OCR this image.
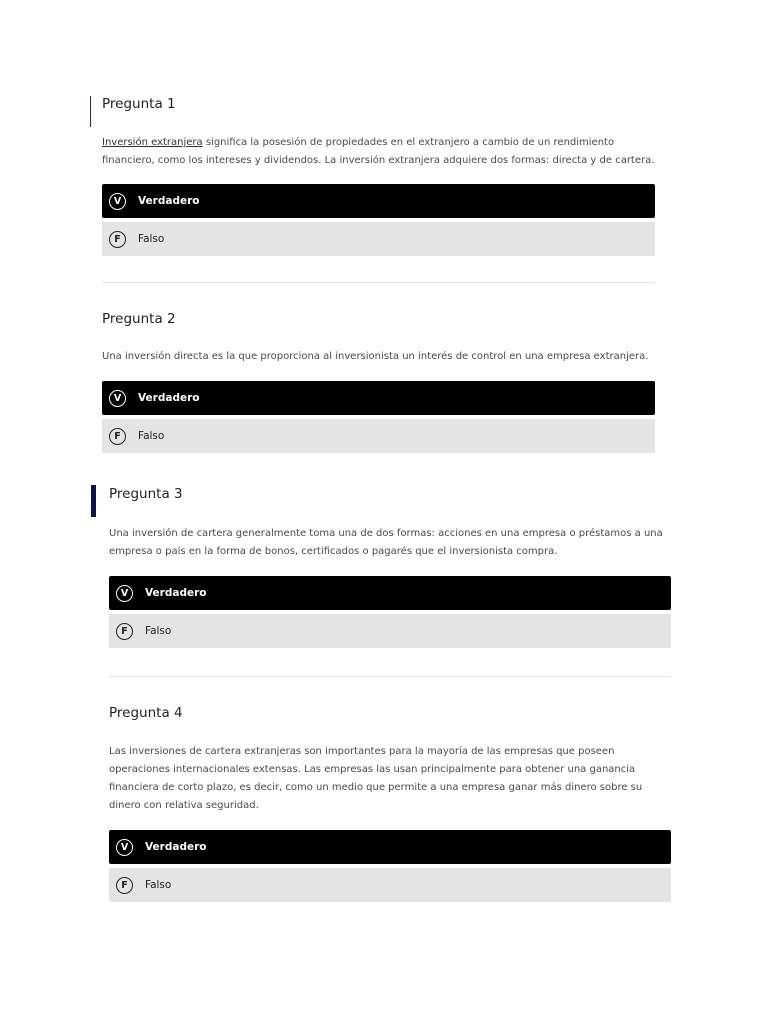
Pregunta 1
Inversión extranjera significa la posesión de propiedades en el extranjero a cambio de un rendimiento financiero, como los intereses y dividendos. La inversión extranjera adquiere dos formas: directa y de cartera.
V	Verdadero
F	Falso
Pregunta 2
Una inversión directa es la que proporciona al inversionista un interés de control en una empresa extranjera.
V	Verdadero
F	Falso
Pregunta 3
Una inversión de cartera generalmente toma una de dos formas: acciones en una empresa o préstamos a una empresa o país en la forma de bonos, certificados o pagarés que el inversionista compra.
V	Verdadero
F	Falso
Pregunta 4
Las inversiones de cartera extranjeras son importantes para la mayoría de las empresas que poseen operaciones internacionales extensas. Las empresas las usan principalmente para obtener una ganancia financiera de corto plazo, es decir, como un medio que permite a una empresa ganar más dinero sobre su dinero con relativa seguridad.
V	Verdadero
F	Falso
